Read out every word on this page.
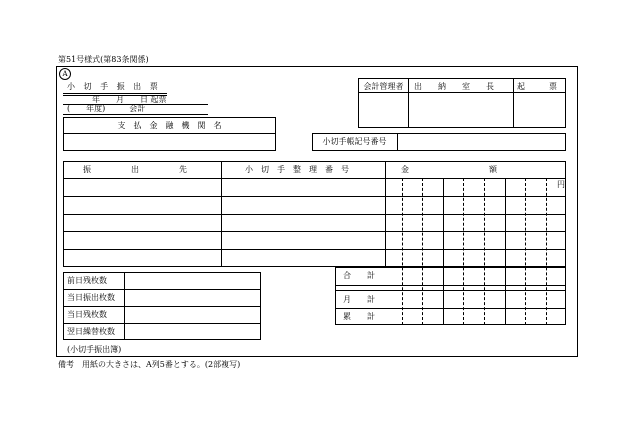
第51号様式(第83条関係)
A
小 切 手 振 出 票
年　　月　　日 起票
(　　年度)　　　会計
会計管理者	出　　納　　室　　長	起　　　票
支　払　金　融　機　関　名
小切手帳記号番号
振　　　　　出　　　　　先	小　切　手　整　理　番　号	金　　　　　　　　　　額
円
合　　計
月　　計
累　　計
前日残枚数
当日振出枚数
当日残枚数
翌日繰替枚数
(小切手振出簿)
備考　用紙の大きさは、A列5番とする。(2部複写)
